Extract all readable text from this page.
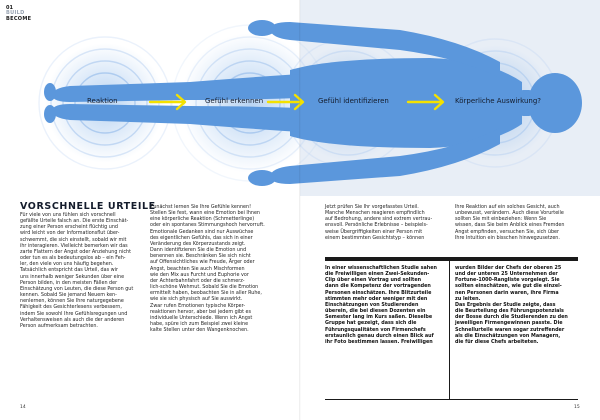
01
BUILD
BECOME
Reaktion	Gefühl erkennen	Gefühl identifizieren	Körperliche Auswirkung?
VORSCHNELLE URTEILE
Für viele von uns fühlen sich vorschnell
gefällte Urteile falsch an. Die erste Einschät-
zung einer Person erscheint flüchtig und
wird leicht von der Informationsflut über-
schwemmt, die sich einstellt, sobald wir mit
ihr interagieren. Vielleicht bemerken wir das
zarte Flattern der Angst oder Anziehung nicht
oder tun es als bedeutungslos ab – ein Feh-
ler, den viele von uns häufig begehen.
Tatsächlich entspricht das Urteil, das wir
uns innerhalb weniger Sekunden über eine
Person bilden, in den meisten Fällen der
Einschätzung von Leuten, die diese Person gut
kennen. Sobald Sie jemand Neuem ken-
nenlernen, können Sie Ihre naturgegebene
Fähigkeit des Gesichterlesens verbessern,
indem Sie sowohl Ihre Gefühlsregungen und
Verhaltensweisen als auch die der anderen
Person aufmerksam betrachten.
Zunächst lernen Sie Ihre Gefühle kennen!
Stellen Sie fest, wann eine Emotion bei Ihnen
eine körperliche Reaktion (Schmetterlinge)
oder ein spontanes Stimmungshoch hervorruft.
Emotionale Gedanken sind nur Auswüchse
des eigentlichen Gefühls, das sich in einer
Veränderung des Körperzustands zeigt.
Dann identifizieren Sie die Emotion und
benennen sie. Beschränken Sie sich nicht
auf Offensichtliches wie Freude, Ärger oder
Angst, beachten Sie auch Mischformen
wie den Mix aus Furcht und Euphorie vor
der Achterbahnfahrt oder die schmerz-
lich-schöne Wehmut. Sobald Sie die Emotion
ermittelt haben, beobachten Sie in aller Ruhe,
wie sie sich physisch auf Sie auswirkt.
Zwar rufen Emotionen typische Körper-
reaktionen hervor, aber bei jedem gibt es
individuelle Unterschiede. Wenn ich Angst
habe, spüre ich zum Beispiel zwei kleine
kalte Stellen unter den Wangenknochen.
Jetzt prüfen Sie Ihr vorgefasstes Urteil.
Manche Menschen reagieren empfindlich
auf Bedrohung, andere sind extrem vertrau-
ensvoll. Persönliche Erlebnisse – beispiels-
weise Übergriffigkeiten einer Person mit
einem bestimmten Gesichtstyp – können
Ihre Reaktion auf ein solches Gesicht, auch
unbewusst, verändern. Auch diese Vorurteile
sollten Sie mit einbeziehen: Wenn Sie
wissen, dass Sie beim Anblick eines Fremden
Angst empfinden, versuchen Sie, sich über
Ihre Intuition ein bisschen hinwegzusetzen.
In einer wissenschaftlichen Studie sahen
die Freiwilligen einen Zwei-Sekunden-
Clip über einen Vortrag und sollten
dann die Kompetenz der vortragenden
Personen einschätzen. Ihre Blitzurteile
stimmten mehr oder weniger mit den
Einschätzungen von Studierenden
überein, die bei diesen Dozenten ein
Semester lang im Kurs saßen. Dieselbe
Gruppe hat gezeigt, dass sich die
Führungsqualitäten von Firmenchefs
erstaunlich genau durch einen Blick auf
ihr Foto bestimmen lassen. Freiwilligen
wurden Bilder der Chefs der oberen 25
und der unteren 25 Unternehmen der
Fortune-1000-Rangliste vorgelegt. Sie
sollten einschätzen, wie gut die einzel-
nen Personen darin waren, ihre Firma
zu leiten.
Das Ergebnis der Studie zeigte, dass
die Beurteilung des Führungspotenzials
der Bosse durch die Studierenden zu den
jeweiligen Firmengewinnen passte. Die
Schnellurteile waren sogar zutreffender
als die Einschätzungen von Managern,
die für diese Chefs arbeiteten.
14	15
